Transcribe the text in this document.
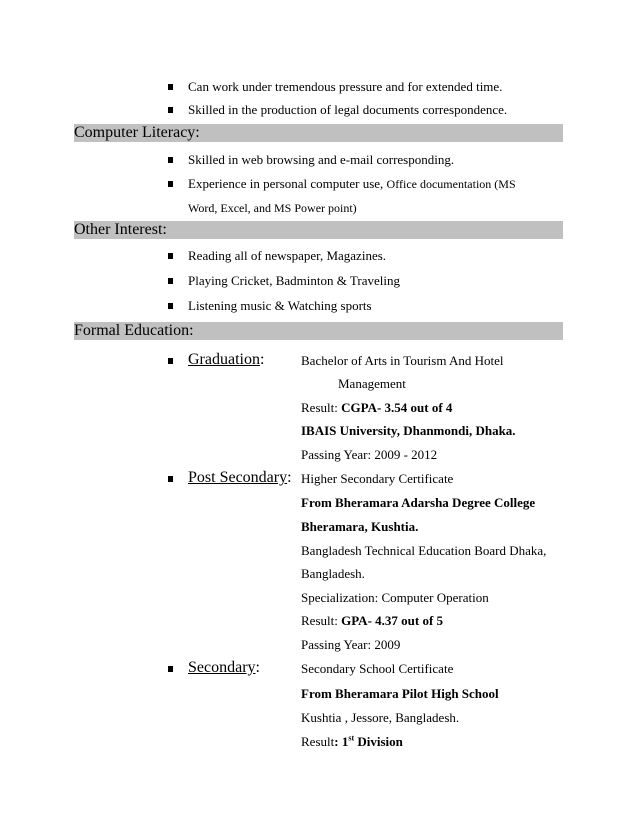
Can work under tremendous pressure and for extended time.
Skilled in the production of legal documents correspondence.
Computer Literacy:
Skilled in web browsing and e-mail corresponding.
Experience in personal computer use, Office documentation (MS
Word, Excel, and MS Power point)
Other Interest:
Reading all of newspaper, Magazines.
Playing Cricket, Badminton & Traveling
Listening music & Watching sports
Formal Education:
Graduation:	Bachelor of Arts in Tourism And Hotel
Management
Result: CGPA- 3.54 out of 4
IBAIS University, Dhanmondi, Dhaka.
Passing Year: 2009 - 2012
Post Secondary: Higher Secondary Certificate
From Bheramara Adarsha Degree College
Bheramara, Kushtia.
Bangladesh Technical Education Board Dhaka,
Bangladesh.
Specialization: Computer Operation
Result: GPA- 4.37 out of 5
Passing Year: 2009
Secondary:	Secondary School Certificate
From Bheramara Pilot High School
Kushtia , Jessore, Bangladesh.
Result: 1st Division
